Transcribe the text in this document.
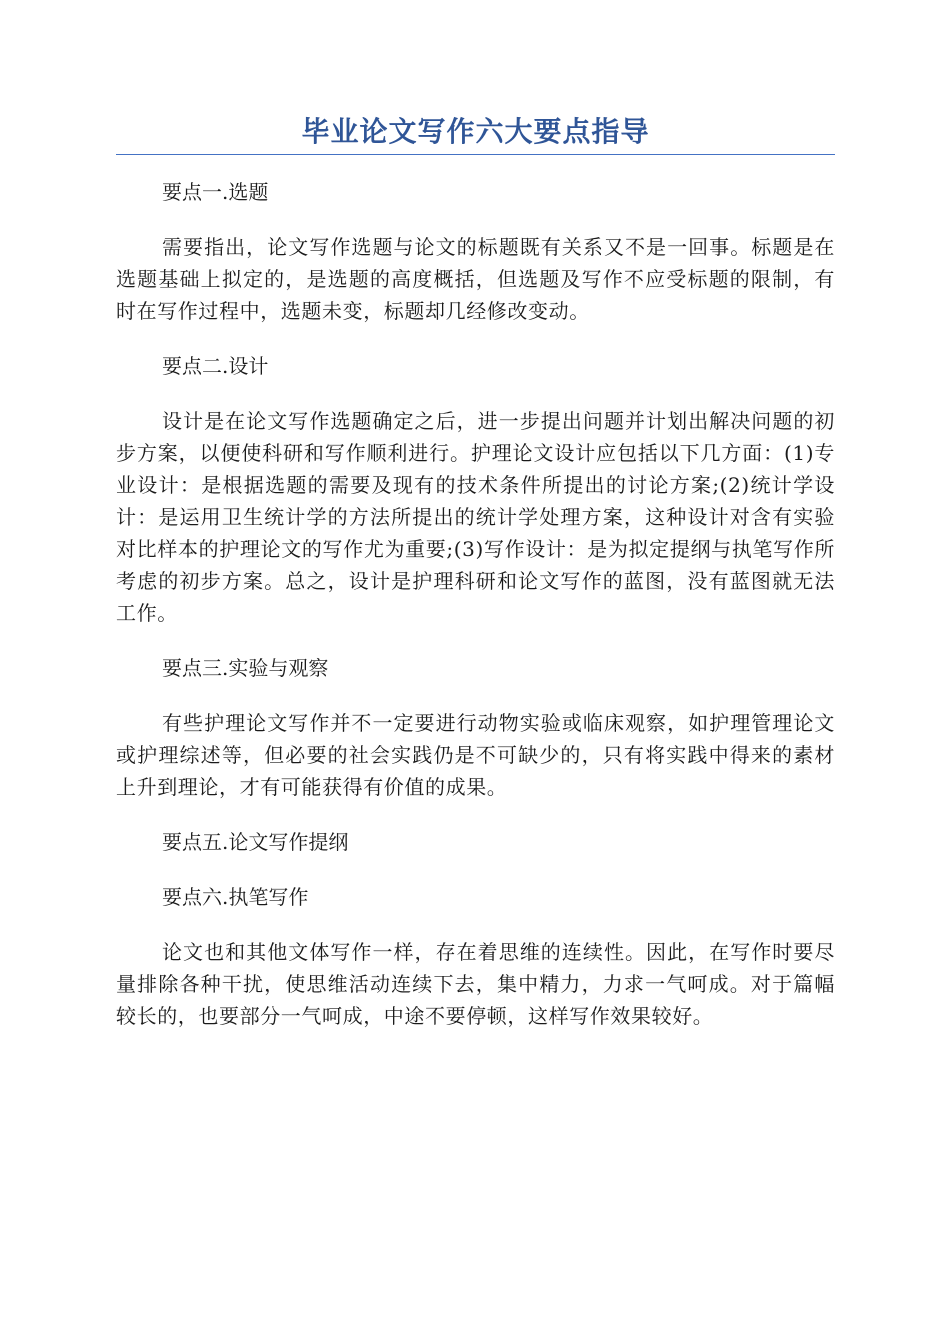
毕业论文写作六大要点指导
要点一.选题

需要指出，论文写作选题与论文的标题既有关系又不是一回事。标题是在选题基础上拟定的，是选题的高度概括，但选题及写作不应受标题的限制，有时在写作过程中，选题未变，标题却几经修改变动。

要点二.设计

设计是在论文写作选题确定之后，进一步提出问题并计划出解决问题的初步方案，以便使科研和写作顺利进行。护理论文设计应包括以下几方面：(1)专业设计：是根据选题的需要及现有的技术条件所提出的讨论方案;(2)统计学设计：是运用卫生统计学的方法所提出的统计学处理方案，这种设计对含有实验对比样本的护理论文的写作尤为重要;(3)写作设计：是为拟定提纲与执笔写作所考虑的初步方案。总之，设计是护理科研和论文写作的蓝图，没有蓝图就无法工作。

要点三.实验与观察

有些护理论文写作并不一定要进行动物实验或临床观察，如护理管理论文或护理综述等，但必要的社会实践仍是不可缺少的，只有将实践中得来的素材上升到理论，才有可能获得有价值的成果。

要点五.论文写作提纲
要点六.执笔写作

论文也和其他文体写作一样，存在着思维的连续性。因此，在写作时要尽量排除各种干扰，使思维活动连续下去，集中精力，力求一气呵成。对于篇幅较长的，也要部分一气呵成，中途不要停顿，这样写作效果较好。
